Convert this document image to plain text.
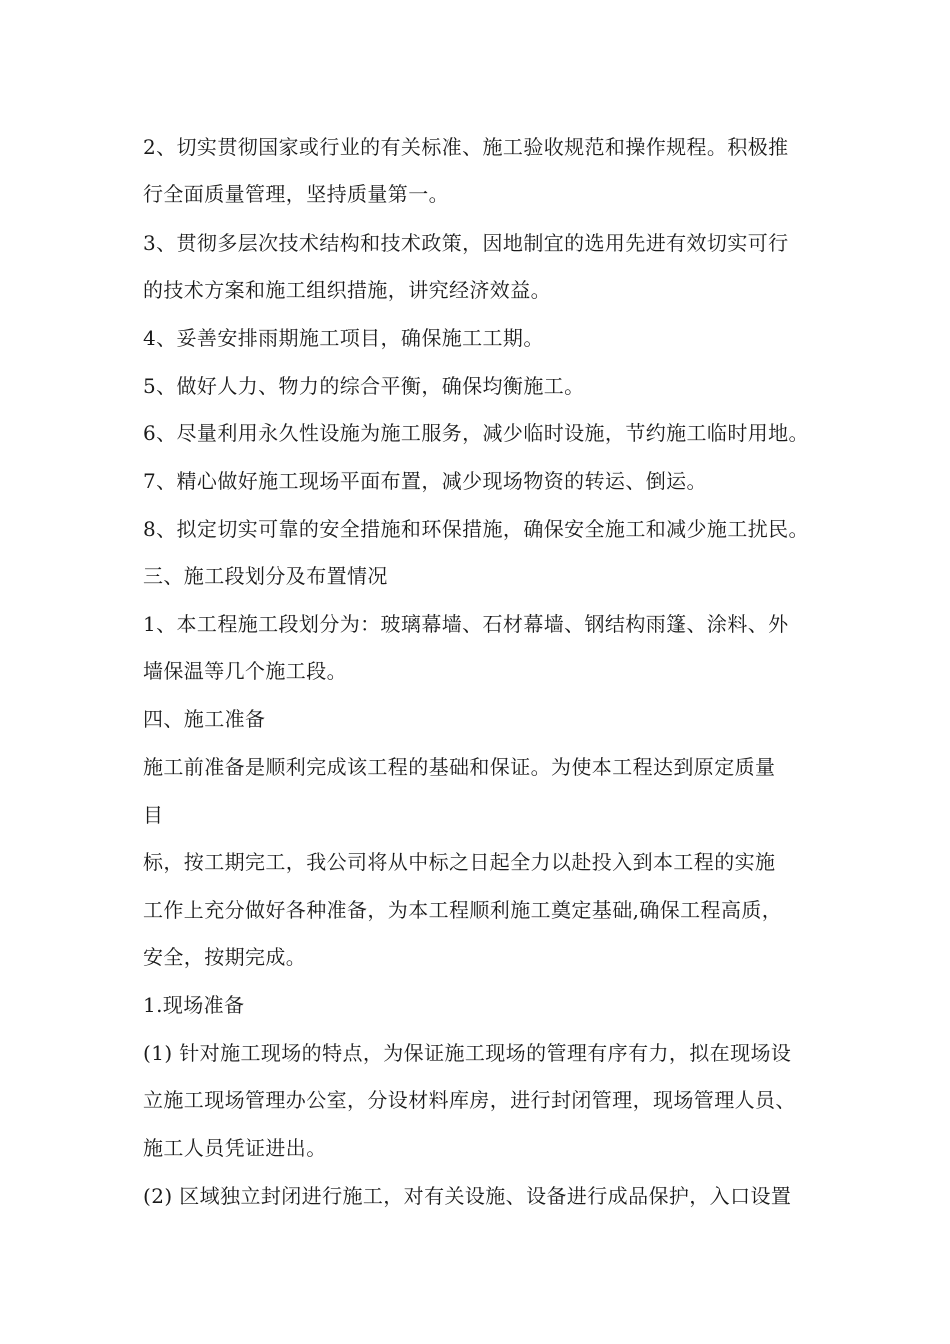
2、切实贯彻国家或行业的有关标准、施工验收规范和操作规程。积极推
行全面质量管理，坚持质量第一。
3、贯彻多层次技术结构和技术政策，因地制宜的选用先进有效切实可行
的技术方案和施工组织措施，讲究经济效益。
4、妥善安排雨期施工项目，确保施工工期。
5、做好人力、物力的综合平衡，确保均衡施工。
6、尽量利用永久性设施为施工服务，减少临时设施，节约施工临时用地。
7、精心做好施工现场平面布置，减少现场物资的转运、倒运。
8、拟定切实可靠的安全措施和环保措施，确保安全施工和减少施工扰民。
三、施工段划分及布置情况
1、本工程施工段划分为：玻璃幕墙、石材幕墙、钢结构雨篷、涂料、外
墙保温等几个施工段。
四、施工准备
施工前准备是顺利完成该工程的基础和保证。为使本工程达到原定质量
目
标，按工期完工，我公司将从中标之日起全力以赴投入到本工程的实施
工作上充分做好各种准备，为本工程顺利施工奠定基础,确保工程高质，
安全，按期完成。
1.现场准备
(1) 针对施工现场的特点，为保证施工现场的管理有序有力，拟在现场设
立施工现场管理办公室，分设材料库房，进行封闭管理，现场管理人员、
施工人员凭证进出。
(2) 区域独立封闭进行施工，对有关设施、设备进行成品保护，入口设置
